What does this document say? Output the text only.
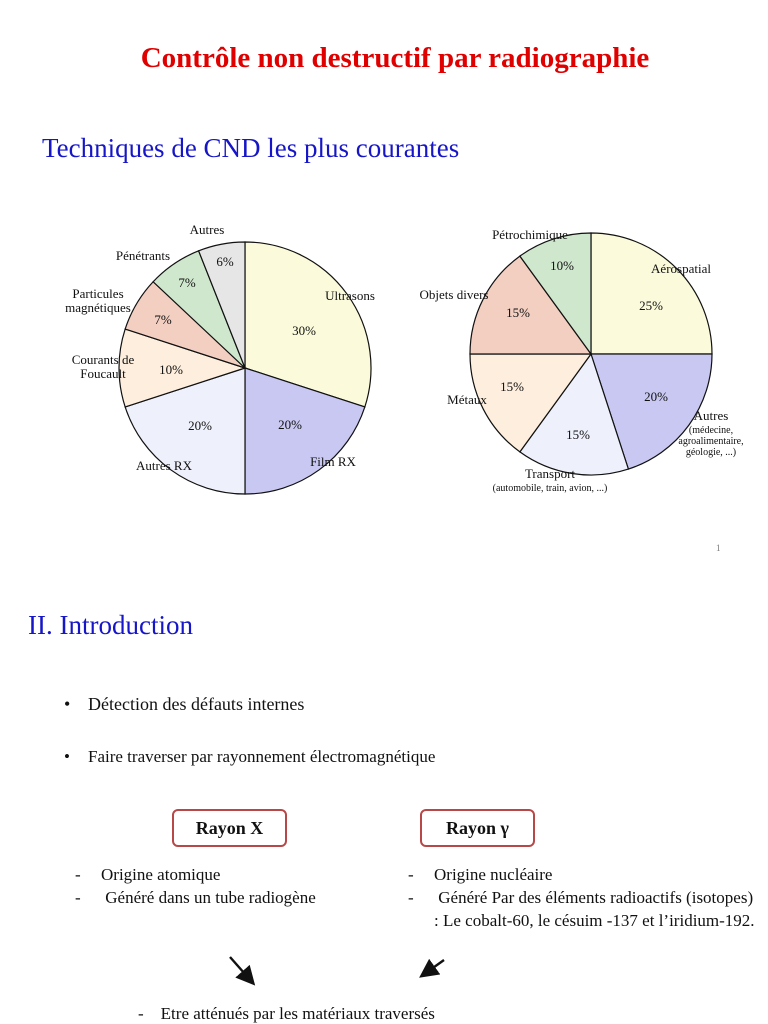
Contrôle non destructif par radiographie
Techniques de CND les plus courantes
30%
20%
20%
10%
7%
7%
6%
Ultrasons
Film RX
Autres RX
Courants de Foucault
Particules magnétiques
Pénétrants
Autres
25%
20%
15%
15%
15%
10%	Aérospatial
Autres
(médecine, agroalimentaire, géologie, ...)
Transport
(automobile, train, avion, ...)
Métaux
Objets divers
Pétrochimique
1
II. Introduction
• Détection des défauts internes
• Faire traverser par rayonnement électromagnétique
Rayon X	Rayon γ
-	Origine atomique
-	Généré dans un tube radiogène
-	Origine nucléaire
-	Généré Par des éléments radioactifs (isotopes) : Le cobalt-60, le césuim -137 et l’iridium-192.
- Etre atténués par les matériaux traversés
